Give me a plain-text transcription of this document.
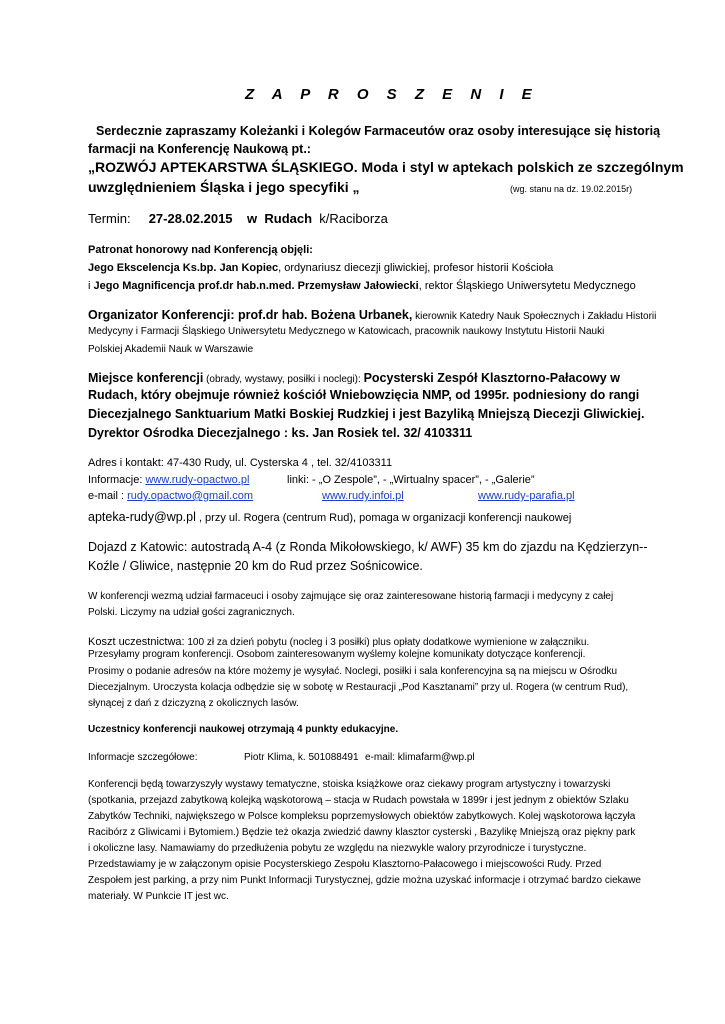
Z A P R O S Z E N I E
Serdecznie zapraszamy Koleżanki i Kolegów Farmaceutów oraz osoby interesujące się historią
farmacji na Konferencję Naukową pt.:
„ROZWÓJ APTEKARSTWA ŚLĄSKIEGO. Moda i styl w aptekach polskich ze szczególnym
uwzględnieniem Śląska i jego specyfiki „	(wg. stanu na dz. 19.02.2015r)
Termin: 27-28.02.2015 w Rudach k/Raciborza
Patronat honorowy nad Konferencją objęli:
Jego Ekscelencja Ks.bp. Jan Kopiec, ordynariusz diecezji gliwickiej, profesor historii Kościoła
i Jego Magnificencja prof.dr hab.n.med. Przemysław Jałowiecki, rektor Śląskiego Uniwersytetu Medycznego
Organizator Konferencji: prof.dr hab. Bożena Urbanek, kierownik Katedry Nauk Społecznych i Zakładu Historii
Medycyny i Farmacji Śląskiego Uniwersytetu Medycznego w Katowicach, pracownik naukowy Instytutu Historii Nauki
Polskiej Akademii Nauk w Warszawie
Miejsce konferencji (obrady, wystawy, posiłki i noclegi): Pocysterski Zespół Klasztorno-Pałacowy w
Rudach, który obejmuje również kościół Wniebowzięcia NMP, od 1995r. podniesiony do rangi
Diecezjalnego Sanktuarium Matki Boskiej Rudzkiej i jest Bazyliką Mniejszą Diecezji Gliwickiej.
Dyrektor Ośrodka Diecezjalnego : ks. Jan Rosiek tel. 32/ 4103311
Adres i kontakt: 47-430 Rudy, ul. Cysterska 4 , tel. 32/4103311
Informacje: www.rudy-opactwo.pl	linki: - „O Zespole”, - „Wirtualny spacer”, - „Galerie”
e-mail : rudy.opactwo@gmail.com	www.rudy.infoi.pl	www.rudy-parafia.pl
apteka-rudy@wp.pl , przy ul. Rogera (centrum Rud), pomaga w organizacji konferencji naukowej
Dojazd z Katowic: autostradą A-4 (z Ronda Mikołowskiego, k/ AWF) 35 km do zjazdu na Kędzierzyn--
Koźle / Gliwice, następnie 20 km do Rud przez Sośnicowice.
W konferencji wezmą udział farmaceuci i osoby zajmujące się oraz zainteresowane historią farmacji i medycyny z całej
Polski. Liczymy na udział gości zagranicznych.
Koszt uczestnictwa: 100 zł za dzień pobytu (nocleg i 3 posiłki) plus opłaty dodatkowe wymienione w załączniku.
Przesyłamy program konferencji. Osobom zainteresowanym wyślemy kolejne komunikaty dotyczące konferencji.
Prosimy o podanie adresów na które możemy je wysyłać. Noclegi, posiłki i sala konferencyjna są na miejscu w Ośrodku
Diecezjalnym. Uroczysta kolacja odbędzie się w sobotę w Restauracji „Pod Kasztanami” przy ul. Rogera (w centrum Rud),
słynącej z dań z dziczyzną z okolicznych lasów.
Uczestnicy konferencji naukowej otrzymają 4 punkty edukacyjne.
Informacje szczegółowe:	Piotr Klima, k. 501088491 e-mail: klimafarm@wp.pl
Konferencji będą towarzyszyły wystawy tematyczne, stoiska książkowe oraz ciekawy program artystyczny i towarzyski
(spotkania, przejazd zabytkową kolejką wąskotorową – stacja w Rudach powstała w 1899r i jest jednym z obiektów Szlaku
Zabytków Techniki, największego w Polsce kompleksu poprzemysłowych obiektów zabytkowych. Kolej wąskotorowa łączyła
Racibórz z Gliwicami i Bytomiem.) Będzie też okazja zwiedzić dawny klasztor cysterski , Bazylikę Mniejszą oraz piękny park
i okoliczne lasy. Namawiamy do przedłużenia pobytu ze względu na niezwykle walory przyrodnicze i turystyczne.
Przedstawiamy je w załączonym opisie Pocysterskiego Zespołu Klasztorno-Pałacowego i miejscowości Rudy. Przed
Zespołem jest parking, a przy nim Punkt Informacji Turystycznej, gdzie można uzyskać informacje i otrzymać bardzo ciekawe
materiały. W Punkcie IT jest wc.
